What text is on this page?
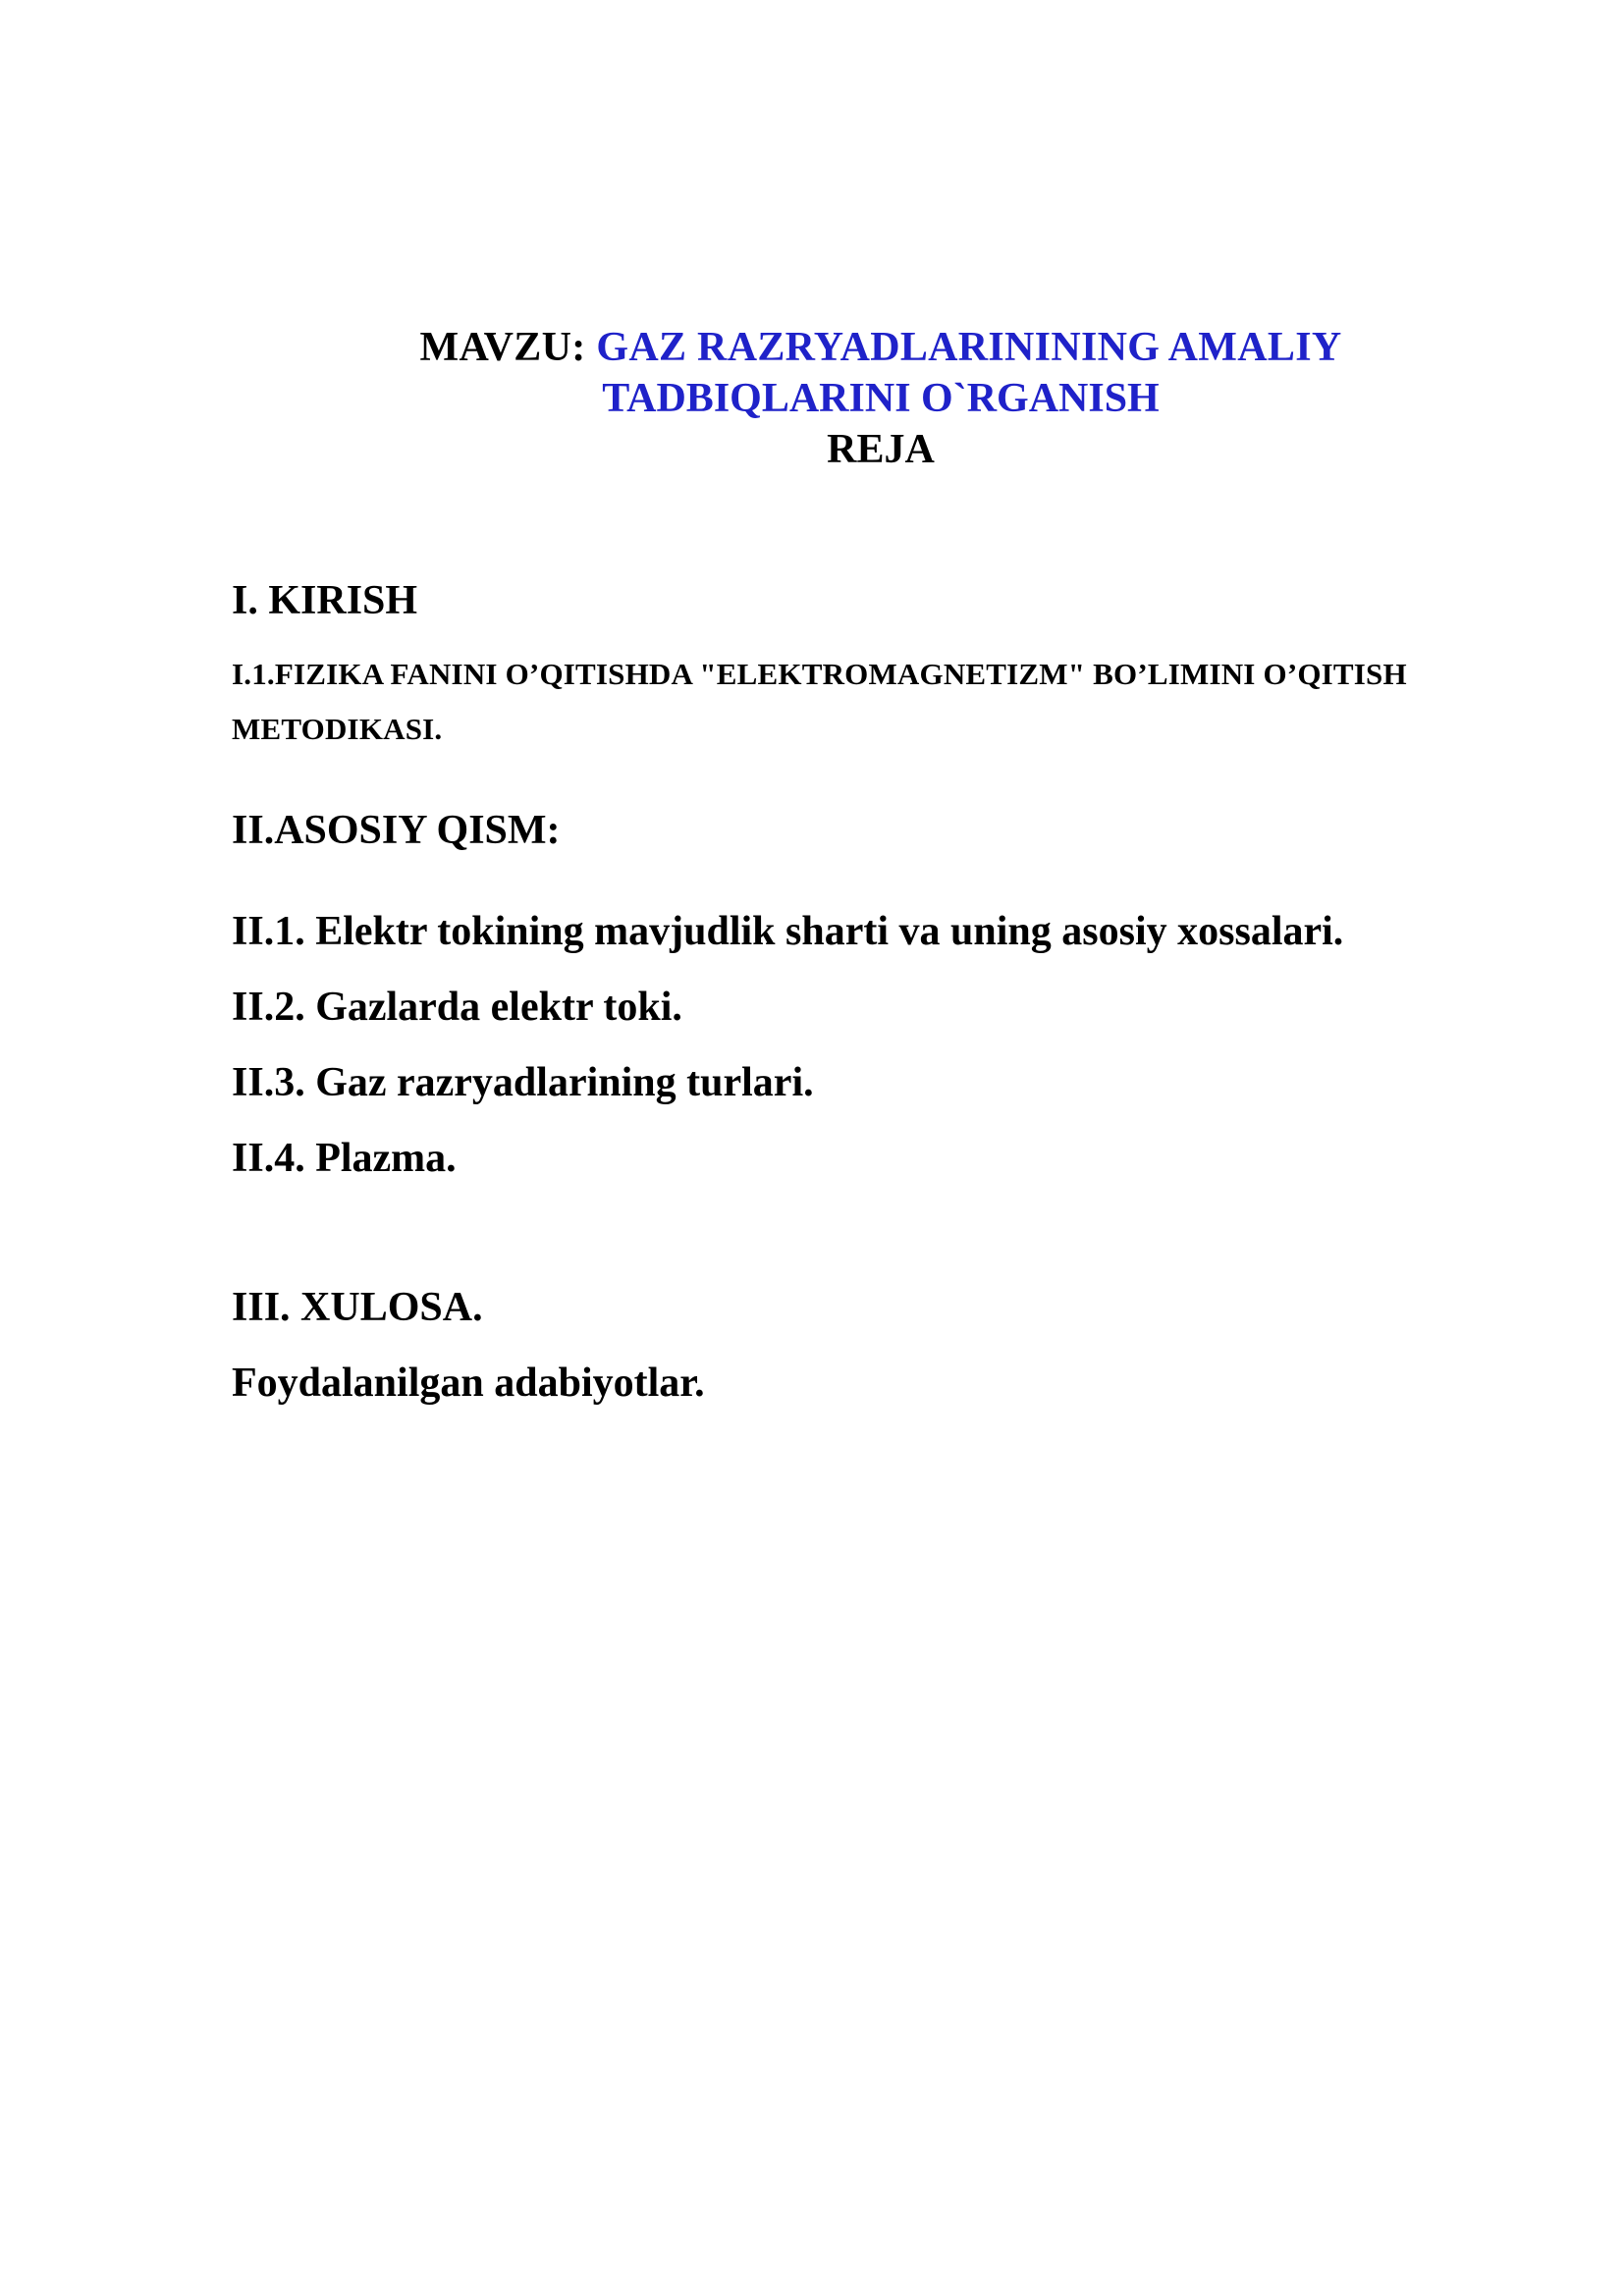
MAVZU: GAZ RAZRYADLARININING AMALIY
TADBIQLARINI O`RGANISH
REJA
I. KIRISH
I.1.FIZIKA FANINI O’QITISHDA "ELEKTROMAGNETIZM" BO’LIMINI O’QITISH
METODIKASI.
II.ASOSIY QISM:
II.1. Elektr tokining mavjudlik sharti va uning asosiy xossalari.
II.2. Gazlarda elektr toki.
II.3. Gaz razryadlarining turlari.
II.4. Plazma.
III. XULOSA.
Foydalanilgan adabiyotlar.
